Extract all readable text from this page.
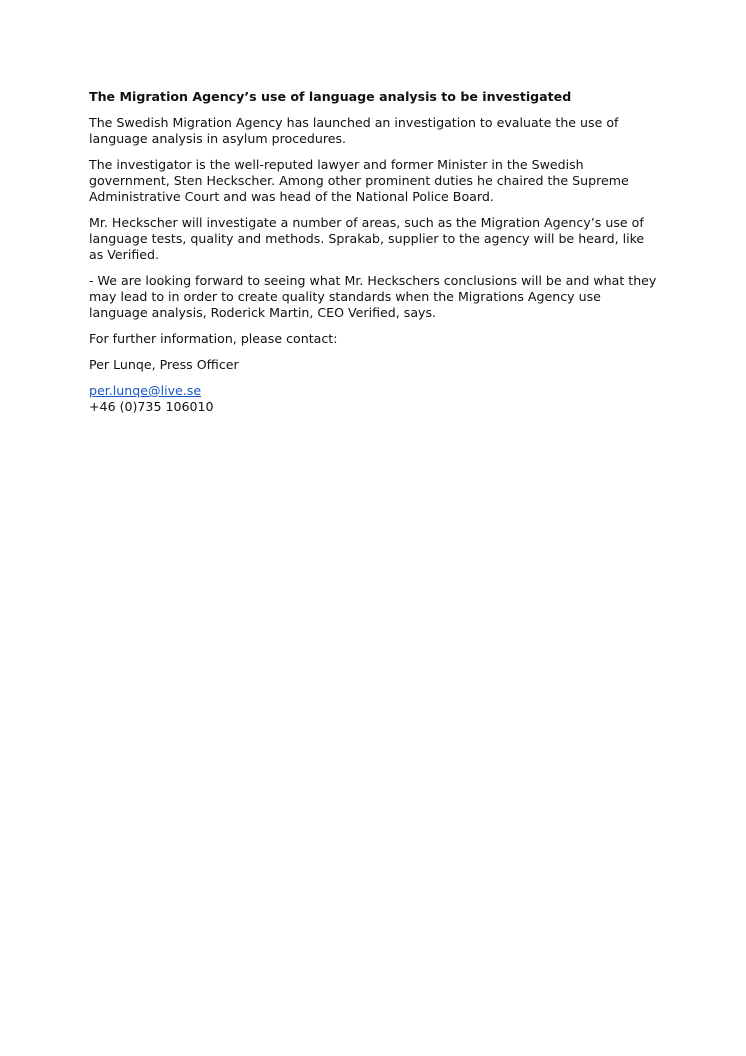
The Migration Agency’s use of language analysis to be investigated

The Swedish Migration Agency has launched an investigation to evaluate the use of language analysis in asylum procedures.

The investigator is the well-reputed lawyer and former Minister in the Swedish government, Sten Heckscher. Among other prominent duties he chaired the Supreme Administrative Court and was head of the National Police Board.

Mr. Heckscher will investigate a number of areas, such as the Migration Agency’s use of language tests, quality and methods. Sprakab, supplier to the agency will be heard, like as Verified.

- We are looking forward to seeing what Mr. Heckschers conclusions will be and what they may lead to in order to create quality standards when the Migrations Agency use language analysis, Roderick Martin, CEO Verified, says.

For further information, please contact:

Per Lunqe, Press Officer

per.lunqe@live.se
+46 (0)735 106010
